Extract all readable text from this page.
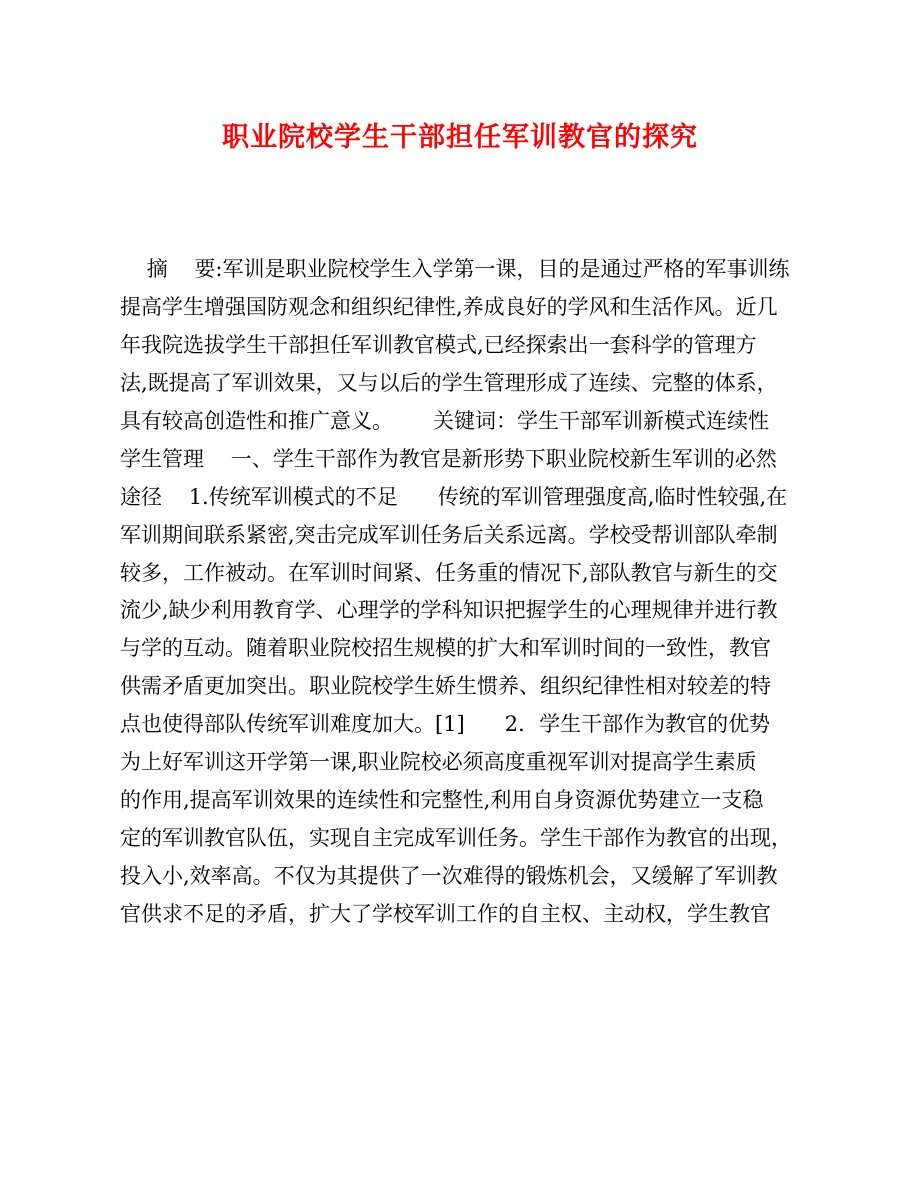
职业院校学生干部担任军训教官的探究
摘    要:军训是职业院校学生入学第一课，目的是通过严格的军事训练
提高学生增强国防观念和组织纪律性,养成良好的学风和生活作风。近几
年我院选拔学生干部担任军训教官模式,已经探索出一套科学的管理方
法,既提高了军训效果，又与以后的学生管理形成了连续、完整的体系，
具有较高创造性和推广意义。      关键词：学生干部军训新模式连续性
学生管理    一、学生干部作为教官是新形势下职业院校新生军训的必然
途径    1.传统军训模式的不足      传统的军训管理强度高,临时性较强,在
军训期间联系紧密,突击完成军训任务后关系远离。学校受帮训部队牵制
较多，工作被动。在军训时间紧、任务重的情况下,部队教官与新生的交
流少,缺少利用教育学、心理学的学科知识把握学生的心理规律并进行教
与学的互动。随着职业院校招生规模的扩大和军训时间的一致性，教官
供需矛盾更加突出。职业院校学生娇生惯养、组织纪律性相对较差的特
点也使得部队传统军训难度加大。[1]      2．学生干部作为教官的优势
为上好军训这开学第一课,职业院校必须高度重视军训对提高学生素质
的作用,提高军训效果的连续性和完整性,利用自身资源优势建立一支稳
定的军训教官队伍，实现自主完成军训任务。学生干部作为教官的出现，
投入小,效率高。不仅为其提供了一次难得的锻炼机会，又缓解了军训教
官供求不足的矛盾，扩大了学校军训工作的自主权、主动权，学生教官
